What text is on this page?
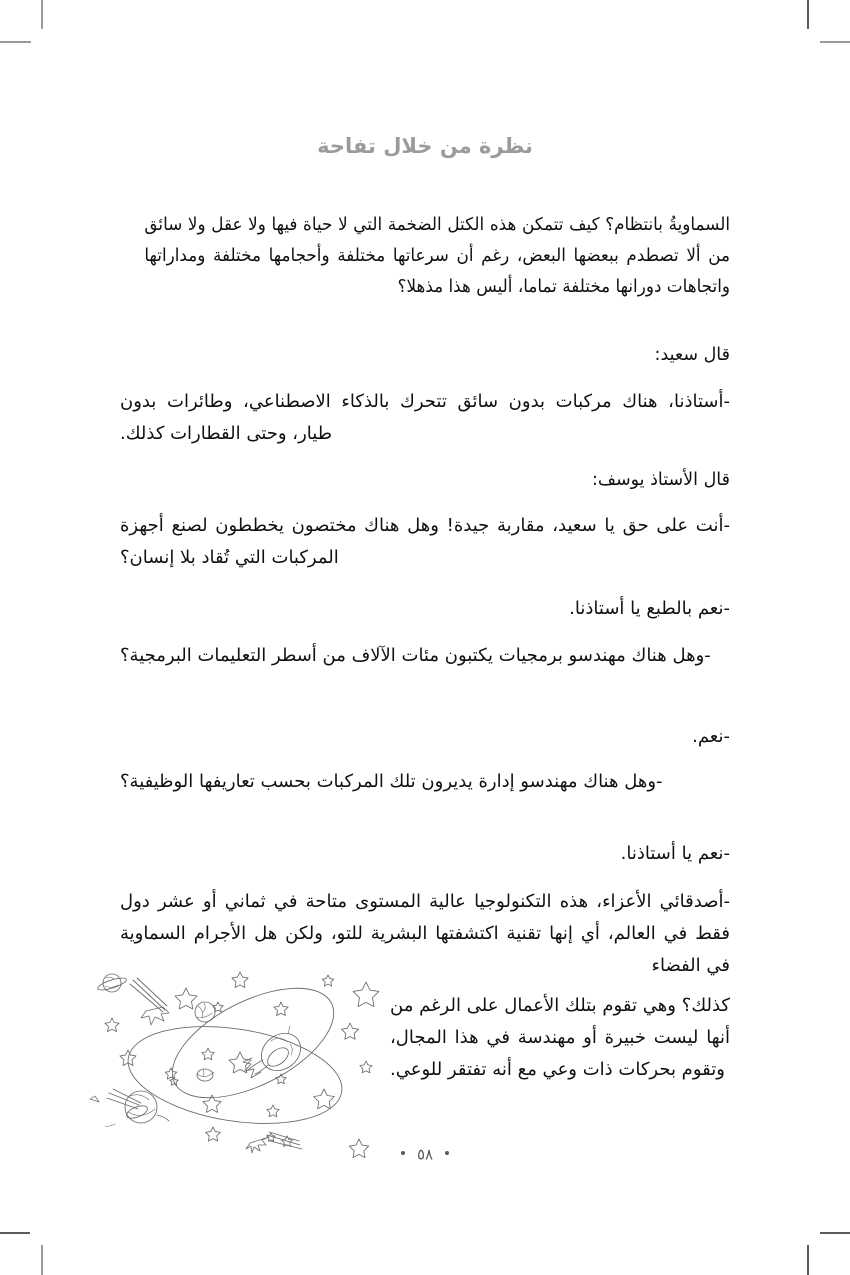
نظرة من خلال تفاحة

السماويةُ بانتظام؟ كيف تتمكن هذه الكتل الضخمة التي لا حياة فيها ولا عقل ولا سائق من ألا تصطدم ببعضها البعض، رغم أن سرعاتها مختلفة وأحجامها مختلفة ومداراتها واتجاهات دورانها مختلفة تماما، أليس هذا مذهلا؟

قال سعيد:

-أستاذنا، هناك مركبات بدون سائق تتحرك بالذكاء الاصطناعي، وطائرات بدون طيار، وحتى القطارات كذلك.

قال الأستاذ يوسف:

-أنت على حق يا سعيد، مقاربة جيدة! وهل هناك مختصون يخططون لصنع أجهزة المركبات التي تُقاد بلا إنسان؟

-نعم بالطبع يا أستاذنا.

-وهل هناك مهندسو برمجيات يكتبون مئات الآلاف من أسطر التعليمات البرمجية؟

-نعم.

-وهل هناك مهندسو إدارة يديرون تلك المركبات بحسب تعاريفها الوظيفية؟

-نعم يا أستاذنا.

-أصدقائي الأعزاء، هذه التكنولوجيا عالية المستوى متاحة في ثماني أو عشر دول فقط في العالم، أي إنها تقنية اكتشفتها البشرية للتو، ولكن هل الأجرام السماوية في الفضاء

كذلك؟ وهي تقوم بتلك الأعمال على الرغم من أنها ليست خبيرة أو مهندسة في هذا المجال، وتقوم بحركات ذات وعي مع أنه تفتقر للوعي.

٥٨
